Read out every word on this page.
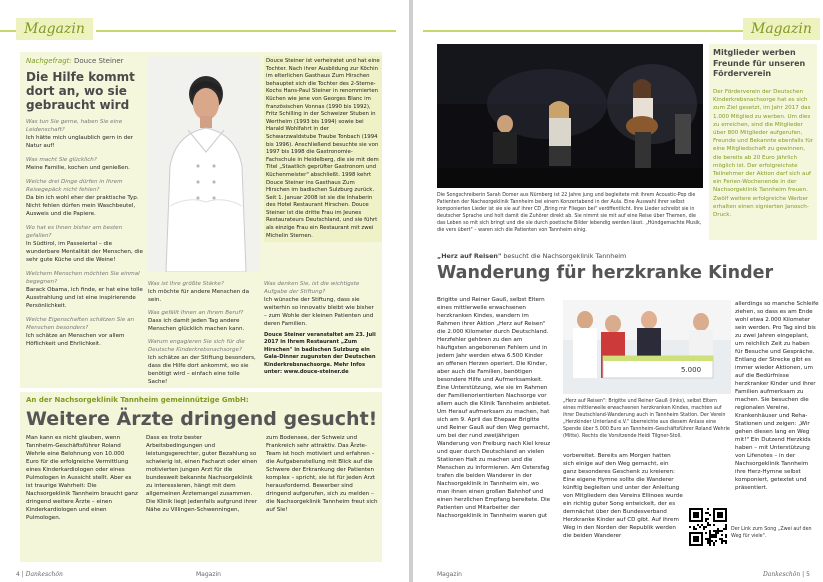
Magazin
Nachgefragt: Douce Steiner
Die Hilfe kommt dort an, wo sie gebraucht wird
Was tun Sie gerne, haben Sie eine Leidenschaft?
Ich hätte mich unglaublich gern in der Natur auf!
Was macht Sie glücklich?
Meine Familie, kochen und genießen.
Welche drei Dinge dürfen in Ihrem Reisegepäck nicht fehlen?
Da bin ich wohl eher der praktische Typ. Nicht fehlen dürfen mein Waschbeutel, Ausweis und die Papiere.
Wo hat es Ihnen bisher am besten gefallen?
In Südtirol, im Passeiertal – die wunderbare Mentalität der Menschen, die sehr gute Küche und die Weine!
Welchem Menschen möchten Sie einmal begegnen?
Barack Obama, ich finde, er hat eine tolle Ausstrahlung und ist eine inspirierende Persönlichkeit.
Welche Eigenschaften schätzen Sie an Menschen besonders?
Ich schätze an Menschen vor allem Höflichkeit und Ehrlichkeit.
Was ist Ihre größte Stärke?
Ich möchte für andere Menschen da sein.
Was gefällt Ihnen an Ihrem Beruf?
Dass ich damit jeden Tag andere Menschen glücklich machen kann.
Warum engagieren Sie sich für die Deutsche Kinderkrebsnachsorge?
Ich schätze an der Stiftung besonders, dass die Hilfe dort ankommt, wo sie benötigt wird – einfach eine tolle Sache!
Douce Steiner ist verheiratet und hat eine Tochter. Nach ihrer Ausbildung zur Köchin im elterlichen Gasthaus Zum Hirschen behauptet sich die Tochter des 2-Sterne-Kochs Hans-Paul Steiner in renommierten Küchen wie jene von Georges Blanc im französischen Vonnas (1990 bis 1992), Fritz Schilling in der Schweizer Stuben in Wertheim (1993 bis 1994) sowie bei Harald Wohlfahrt in der Schwarzwaldstube Traube Tonbach (1994 bis 1996). Anschließend besuchte sie von 1997 bis 1998 die Gastronomie-Fachschule in Heidelberg, die sie mit dem Titel „Staatlich geprüfter Gastronom und Küchenmeister" abschließt. 1998 kehrt Douce Steiner ins Gasthaus Zum Hirschen im badischen Sulzburg zurück. Seit 1. Januar 2008 ist sie die Inhaberin des Hotel Restaurant Hirschen. Douce Steiner ist die dritte Frau im Jeunes Restaurateurs Deutschland, und sie führt als einzige Frau ein Restaurant mit zwei Michelin Sternen.
Was denken Sie, ist die wichtigste Aufgabe der Stiftung?
Ich wünsche der Stiftung, dass sie weiterhin so innovativ bleibt wie bisher – zum Wohle der kleinen Patienten und deren Familien.
Douce Steiner veranstaltet am 23. Juli 2017 in Ihrem Restaurant „Zum Hirschen" in badischen Sulzburg ein Gala-Dinner zugunsten der Deutschen Kinderkrebsnachsorge. Mehr Infos unter: www.douce-steiner.de
An der Nachsorgeklinik Tannheim gemeinnützige GmbH:
Weitere Ärzte dringend gesucht!
Man kann es nicht glauben, wenn Tannheim-Geschäftsführer Roland Wehrle eine Belohnung von 10.000 Euro für die erfolgreiche Vermittlung eines Kinderkardiologen oder eines Pulmologen in Aussicht stellt. Aber es ist traurige Wahrheit: Die Nachsorgeklinik Tannheim braucht ganz dringend weitere Ärzte – einen Kinderkardiologen und einen Pulmologen.
Dass es trotz bester Arbeitsbedingungen und leistungsgerechter, guter Bezahlung so schwierig ist, einen Facharzt oder einen motivierten jungen Arzt für die bundesweit bekannte Nachsorgeklinik zu interessieren, hängt mit dem allgemeinen Ärztemangel zusammen. Die Klinik liegt jedenfalls aufgrund ihrer Nähe zu Villingen-Schwenningen,
zum Bodensee, der Schweiz und Frankreich sehr attraktiv. Das Ärzte-Team ist hoch motiviert und erfahren – die Aufgabenstellung mit Blick auf die Schwere der Erkrankung der Patienten komplex – spricht, sie ist für jeden Arzt herausfordernd. Bewerber sind dringend aufgerufen, sich zu melden – die Nachsorgeklinik Tannheim freut sich auf Sie!
4 | Dankeschön	Magazin
Magazin
Die Songschreiberin Sarah Domer aus Nürnberg ist 22 Jahre jung und begleitete mit ihrem Acoustic-Pop die Patienten der Nachsorgeklinik Tannheim bei einem Konzertabend in der Aula. Eine Auswahl ihrer selbst komponierten Lieder ist sie sie auf ihrer CD „Bring mir Fliegen bei" veröffentlicht. Ihre Lieder schreibt sie in deutscher Sprache und holt damit die Zuhörer direkt ab. Sie nimmt sie mit auf eine Reise über Themen, die das Leben so mit sich bringt und die sie durch poetische Bilder lebendig werden lässt. „Hündgemachte Musik, die vers übert" – waren sich die Patienten von Tannheim einig.
Mitglieder werben Freunde für unseren Förderverein
Der Förderverein der Deutschen Kinderkrebsnachsorge hat es sich zum Ziel gesetzt, im Jahr 2017 das 1.000 Mitglied zu werben. Um dies zu erreichen, sind die Mitglieder über 800 Mitglieder aufgerufen, Freunde und Bekannte ebenfalls für eine Mitgliedschaft zu gewinnen, die bereits ab 20 Euro jährlich möglich ist. Der erfolgreichste Teilnehmer der Aktion darf sich auf ein Ferien-Wochenende in der Nachsorgeklinik Tannheim freuen. Zwölf weitere erfolgreiche Werber erhalten einen signierten Janosch-Druck.
„Herz auf Reisen" besucht die Nachsorgeklinik Tannheim
Wanderung für herzkranke Kinder
Brigitte und Reiner Gauß, selbst Eltern eines mittlerweile erwachsenen herzkranken Kindes, wandern im Rahmen ihrer Aktion „Herz auf Reisen" die 2.000 Kilometer durch Deutschland. Herzfehler gehören zu den am häufigsten angeborenen Fehlern und in jedem Jahr werden etwa 6.500 Kinder an offenen Herzen operiert. Die Kinder, aber auch die Familien, benötigen besondere Hilfe und Aufmerksamkeit. Eine Unterstützung, wie sie im Rahmen der Familienorientierten Nachsorge vor allem auch die Klinik Tannheim anbietet. Um Herauf aufmerksam zu machen, hat sich am 9. April das Ehepaar Brigitte und Reiner Gauß auf den Weg gemacht, um bei der rund zweijährigen Wanderung von Freiburg nach Kiel kreuz und quer durch Deutschland an vielen Stationen Halt zu machen und die Menschen zu informieren. Am Ostersfag trafen die beiden Wanderer in der Nachsorgeklinik in Tannheim ein, wo man ihnen einen großen Bahnhof und einen herzlichen Empfang bereitete. Die Patienten und Mitarbeiter der Nachsorgeklinik in Tannheim waren gut
5.000
„Herz auf Reisen": Brigitte und Reiner Gauß (links), selbst Eltern eines mittlerweile erwachsenen herzkranken Kindes, machten auf ihrer Deutschland-Wanderung auch in Tannheim Station. Der Verein „Herzkinder Unterland e.V." überreichte aus diesem Anlass eine Spende über 5.000 Euro an Tannheim-Geschäftsführer Roland Wehrle (Mitte). Rechts die Vorsitzende Heidi Tilgner-Stoll.
vorbereitet. Bereits am Morgen hatten sich einige auf den Weg gemacht, ein ganz besonderes Geschenk zu kreieren: Eine eigene Hymne sollte die Wanderer künftig begleiten und unter der Anleitung von Mitgliedern des Vereins Ellinoes wurde ein richtig guter Song entwickelt, der es demnächst über den Bundesverband Herzkranke Kinder auf CD gibt. Auf ihrem Weg in den Norden der Republik werden die beiden Wanderer
allerdings so manche Schleife ziehen, so dass es am Ende wohl etwa 2.000 Kilometer sein werden. Pro Tag sind bis zu zwei Jahren eingeplant, um reichlich Zeit zu haben für Besuche und Gespräche. Entlang der Strecke gibt es immer wieder Aktionen, um auf die Bedürfnisse herzkranker Kinder und ihrer Familien aufmerksam zu machen. Sie besuchen die regionalen Vereine, Krankenhäuser und Reha-Stationen und zeigen: „Wir gehen diesen lang en Weg mit!" Ein Dutzend Herzkids haben – mit Unterstützung von Lifenotes – in der Nachsorgeklinik Tannheim ihre Herz-Hymne selbst komponiert, getextet und präsentiert.
Der Link zum Song „Zwei auf den Weg für viele".
Magazin	Dankeschön | 5
